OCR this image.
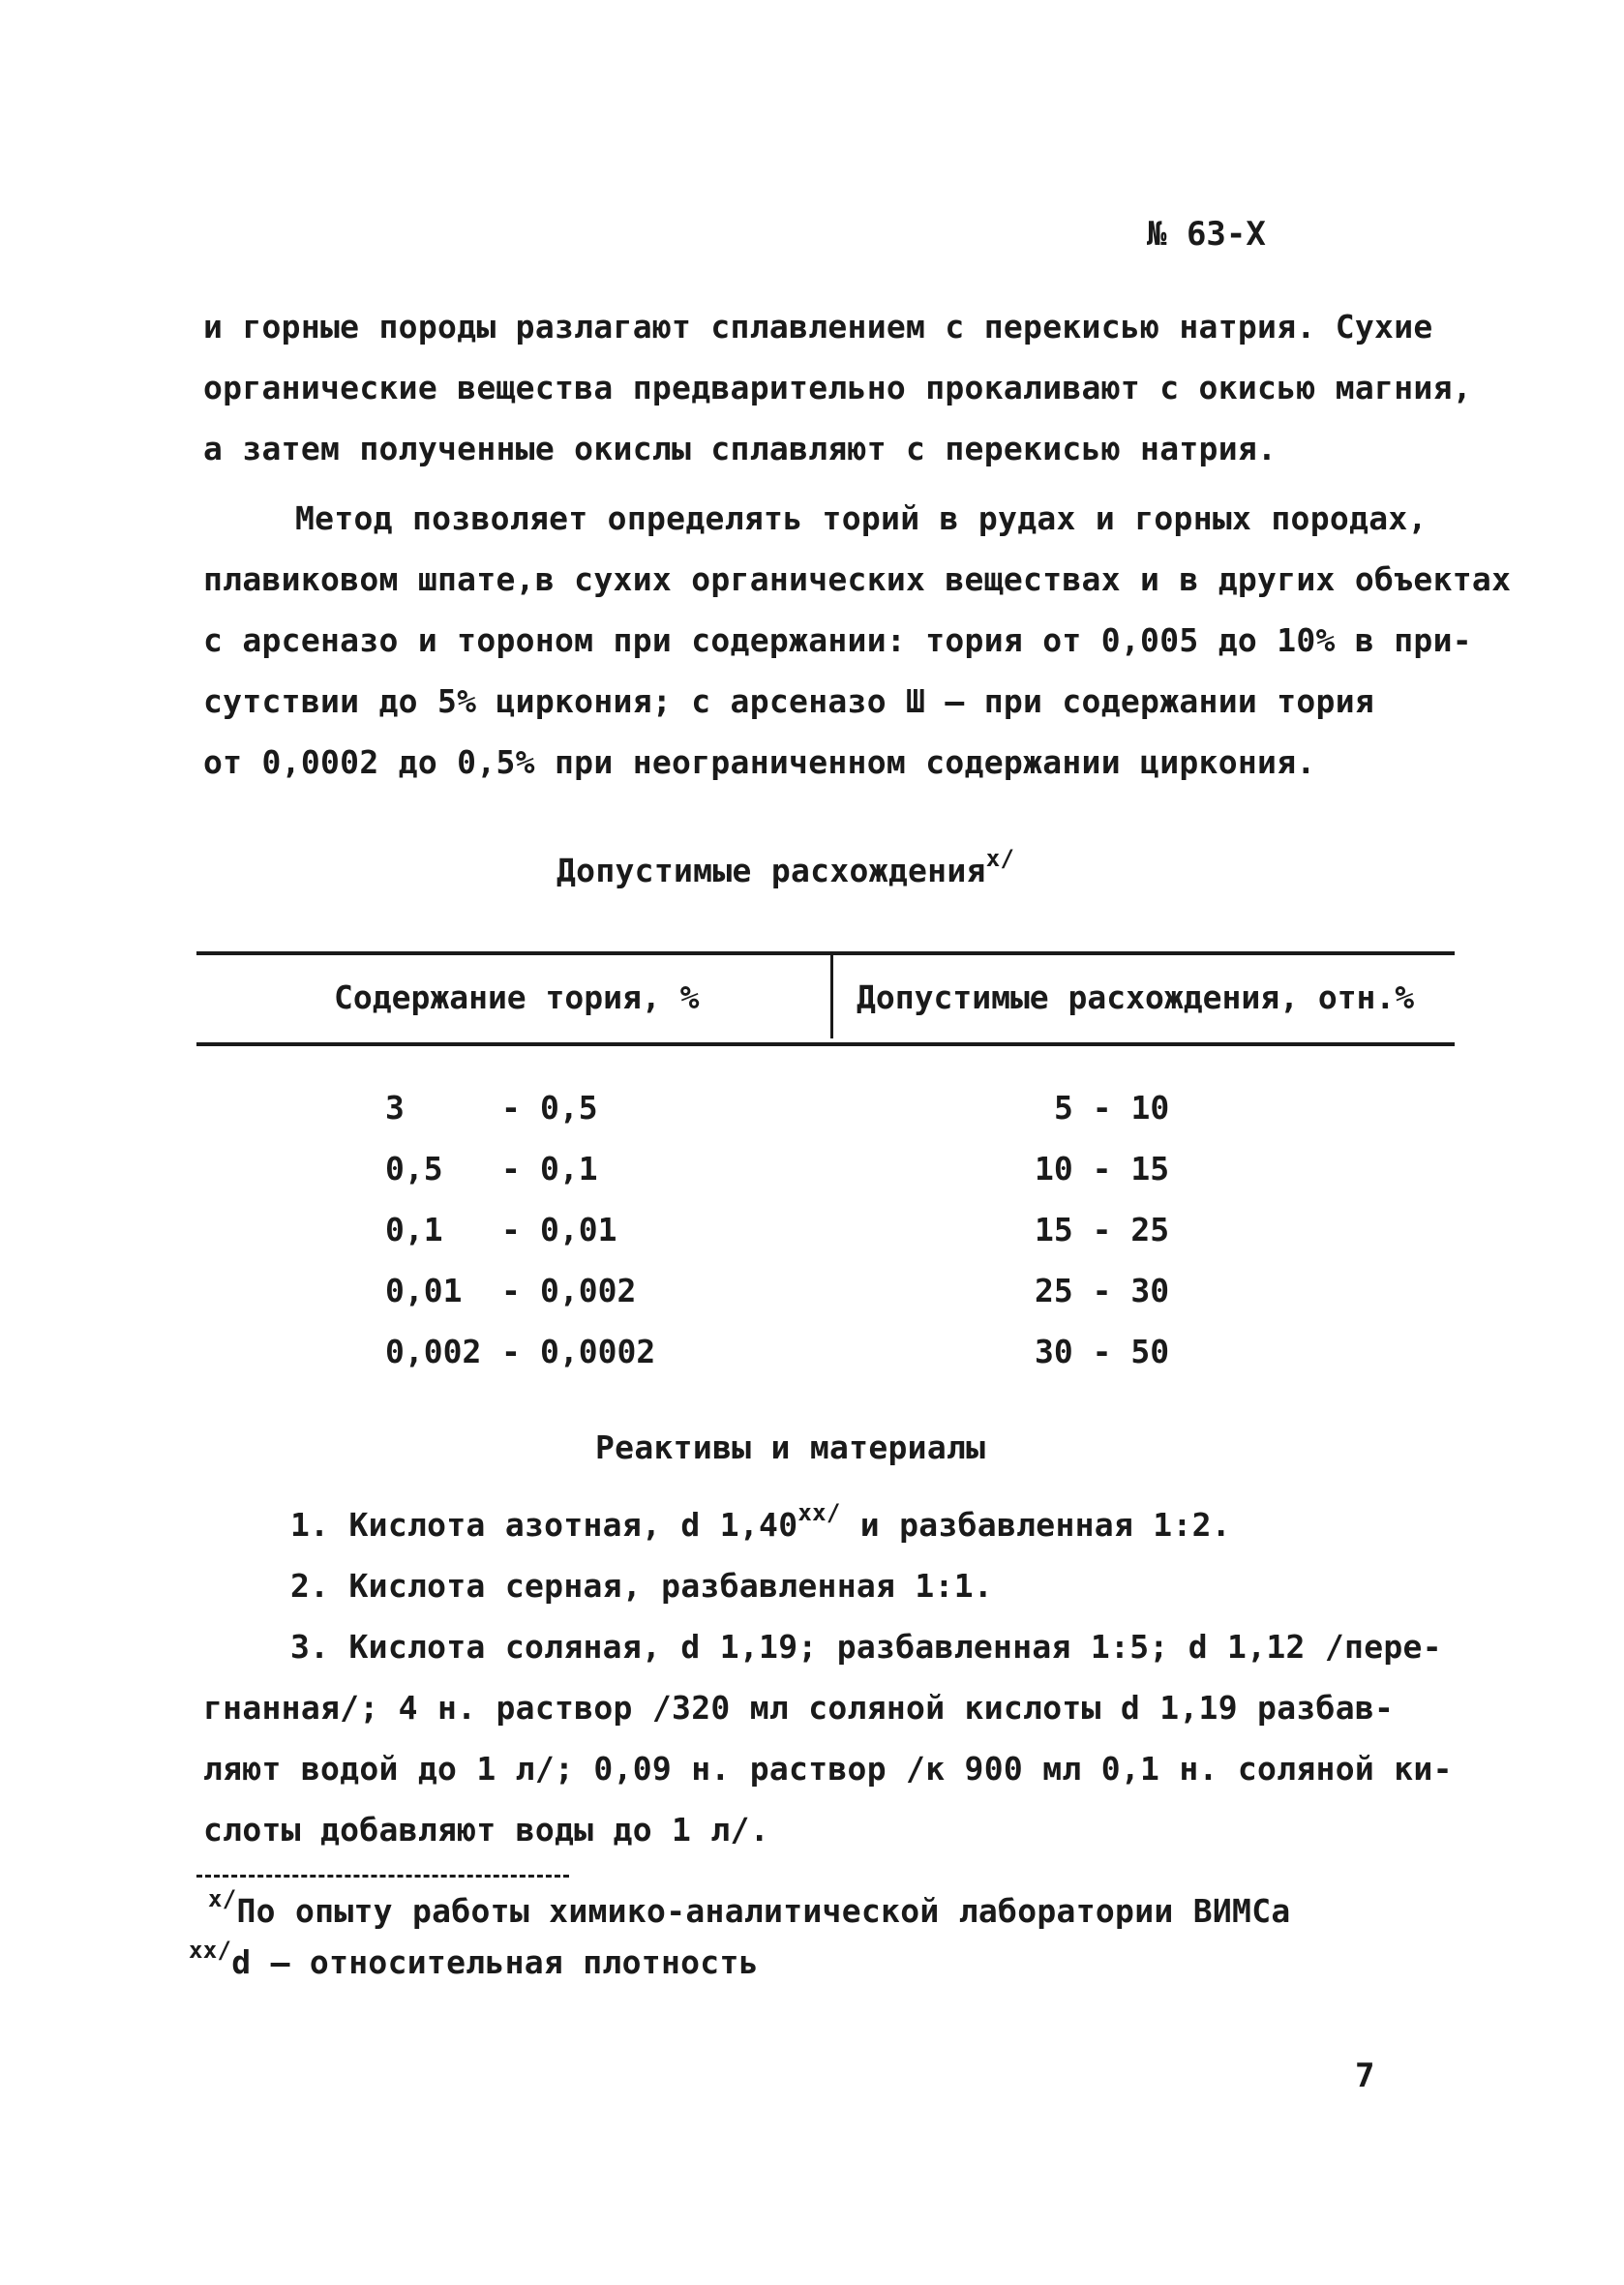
№ 63-Х
и горные породы разлагают сплавлением с перекисью натрия. Сухие
органические вещества предварительно прокаливают с окисью магния,
а затем полученные окислы сплавляют с перекисью натрия.
Метод позволяет определять торий в рудах и горных породах,
плавиковом шпате,в сухих органических веществах и в других объектах
с арсеназо и тороном при содержании: тория от 0,005 до 10% в при-
сутствии до 5% циркония; с арсеназо Ш – при содержании тория
от 0,0002 до 0,5% при неограниченном содержании циркония.
Допустимые расхождения$^{x/}$
Содержание тория, %	Допустимые расхождения, отн.%
3	- 0,5	5 - 10
0,5 - 0,1	10 - 15
0,1 - 0,01	15 - 25
0,01 - 0,002	25 - 30
0,002 - 0,0002	30 - 50
Реактивы и материалы
1. Кислота азотная, d $1,40^{xx/}$ и разбавленная 1:2.
2. Кислота серная, разбавленная 1:1.
3. Кислота соляная, d 1,19; разбавленная 1:5; d 1,12 /пере-
гнанная/; 4 н. раствор /320 мл соляной кислоты d 1,19 разбав-
ляют водой до 1 л/; 0,09 н. раствор /к 900 мл 0,1 н. соляной ки-
слоты добавляют воды до 1 л/.
$^{x/}$По опыту работы химико-аналитической лаборатории ВИМСа
$^{xx/}$d – относительная плотность
7
